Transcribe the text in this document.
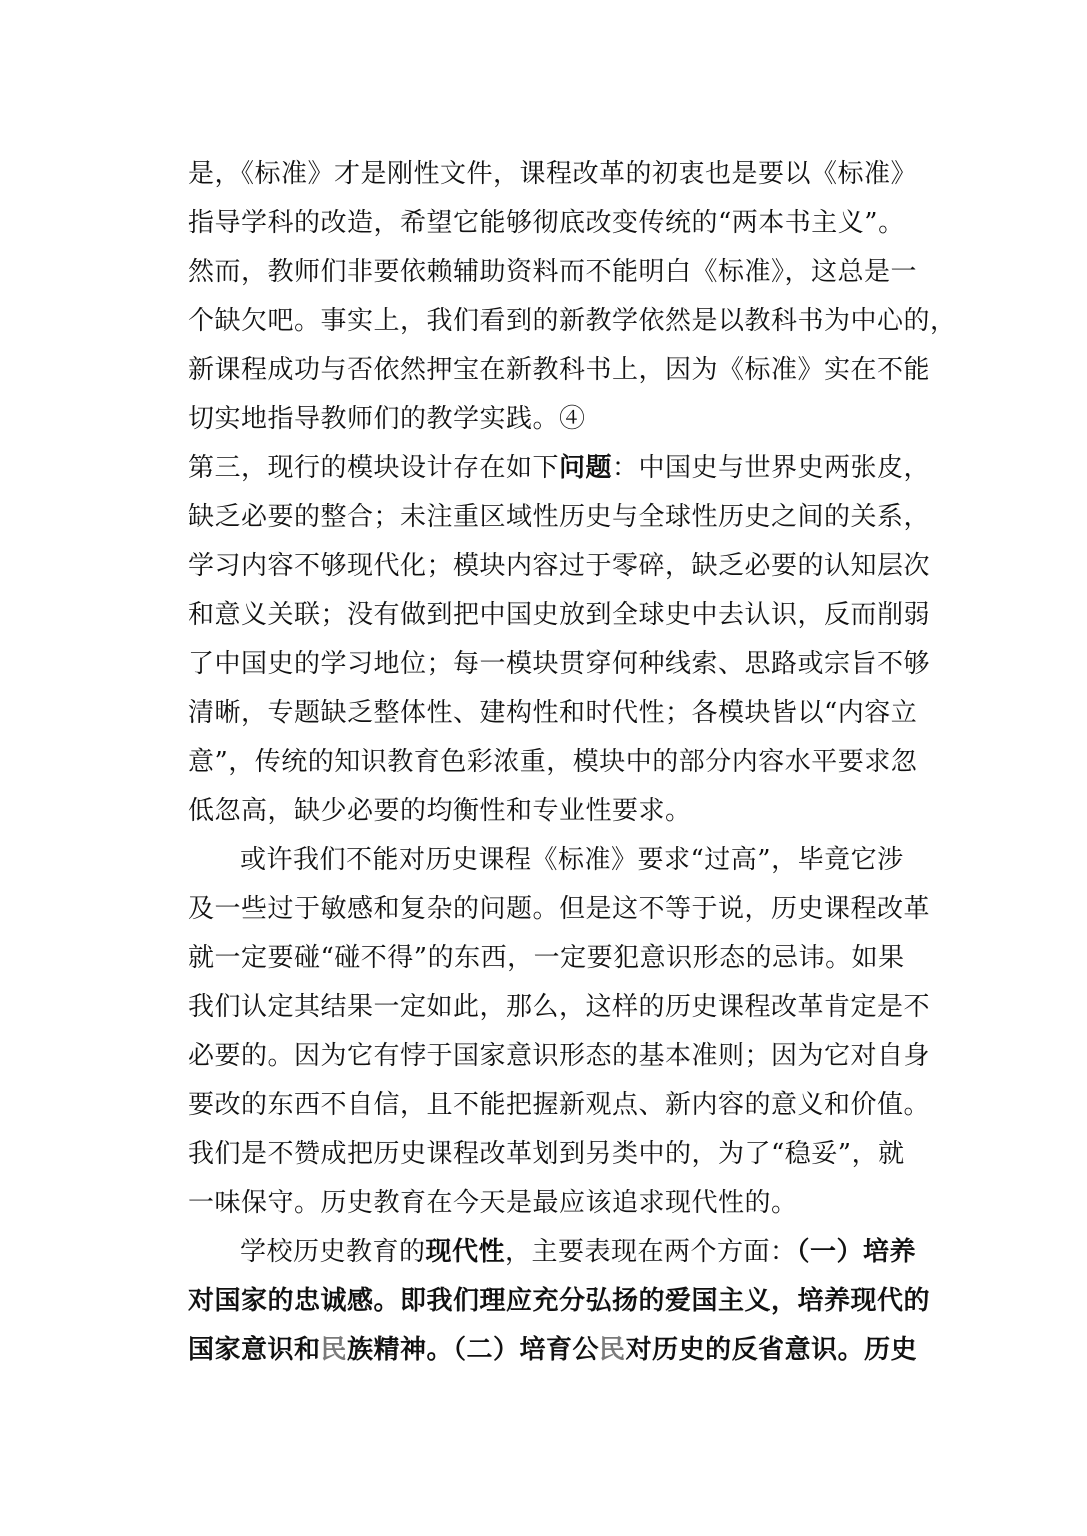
是，《标准》才是刚性文件，课程改革的初衷也是要以《标准》
指导学科的改造，希望它能够彻底改变传统的“两本书主义”。
然而，教师们非要依赖辅助资料而不能明白《标准》，这总是一
个缺欠吧。事实上，我们看到的新教学依然是以教科书为中心的，
新课程成功与否依然押宝在新教科书上，因为《标准》实在不能
切实地指导教师们的教学实践。④
第三，现行的模块设计存在如下问题：中国史与世界史两张皮，
缺乏必要的整合；未注重区域性历史与全球性历史之间的关系，
学习内容不够现代化；模块内容过于零碎，缺乏必要的认知层次
和意义关联；没有做到把中国史放到全球史中去认识，反而削弱
了中国史的学习地位；每一模块贯穿何种线索、思路或宗旨不够
清晰，专题缺乏整体性、建构性和时代性；各模块皆以“内容立
意”，传统的知识教育色彩浓重，模块中的部分内容水平要求忽
低忽高，缺少必要的均衡性和专业性要求。
或许我们不能对历史课程《标准》要求“过高”，毕竟它涉
及一些过于敏感和复杂的问题。但是这不等于说，历史课程改革
就一定要碰“碰不得”的东西，一定要犯意识形态的忌讳。如果
我们认定其结果一定如此，那么，这样的历史课程改革肯定是不
必要的。因为它有悖于国家意识形态的基本准则；因为它对自身
要改的东西不自信，且不能把握新观点、新内容的意义和价值。
我们是不赞成把历史课程改革划到另类中的，为了“稳妥”，就
一味保守。历史教育在今天是最应该追求现代性的。
学校历史教育的现代性，主要表现在两个方面：（一）培养
对国家的忠诚感。即我们理应充分弘扬的爱国主义，培养现代的
国家意识和民族精神。（二）培育公民对历史的反省意识。历史
